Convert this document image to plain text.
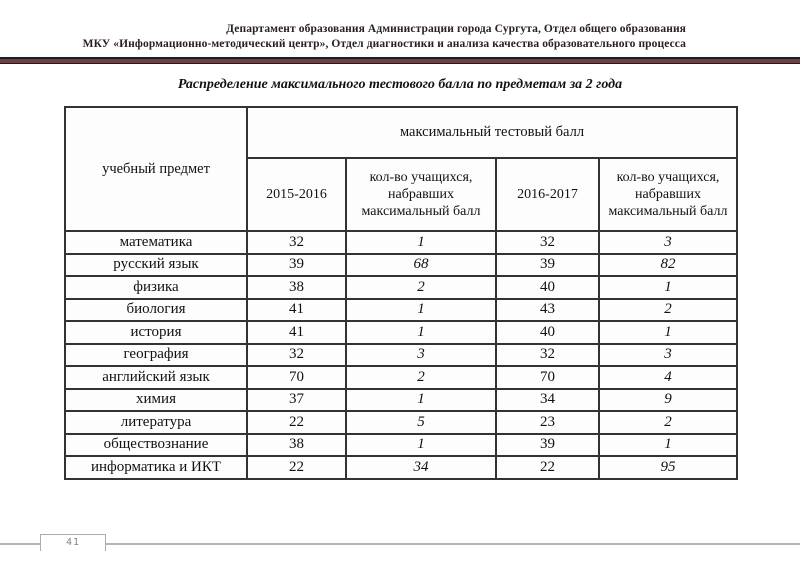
Департамент образования Администрации города Сургута, Отдел общего образования
МКУ «Информационно-методический центр», Отдел диагностики и анализа качества образовательного процесса
Распределение максимального тестового балла по предметам за 2 года
учебный предмет	максимальный тестовый балл			
	2015-2016	кол-во учащихся, набравших максимальный балл	2016-2017	кол-во учащихся, набравших максимальный балл
математика	32	1	32	3
русский язык	39	68	39	82
физика	38	2	40	1
биология	41	1	43	2
история	41	1	40	1
география	32	3	32	3
английский язык	70	2	70	4
химия	37	1	34	9
литература	22	5	23	2
обществознание	38	1	39	1
информатика и ИКТ	22	34	22	95
41
